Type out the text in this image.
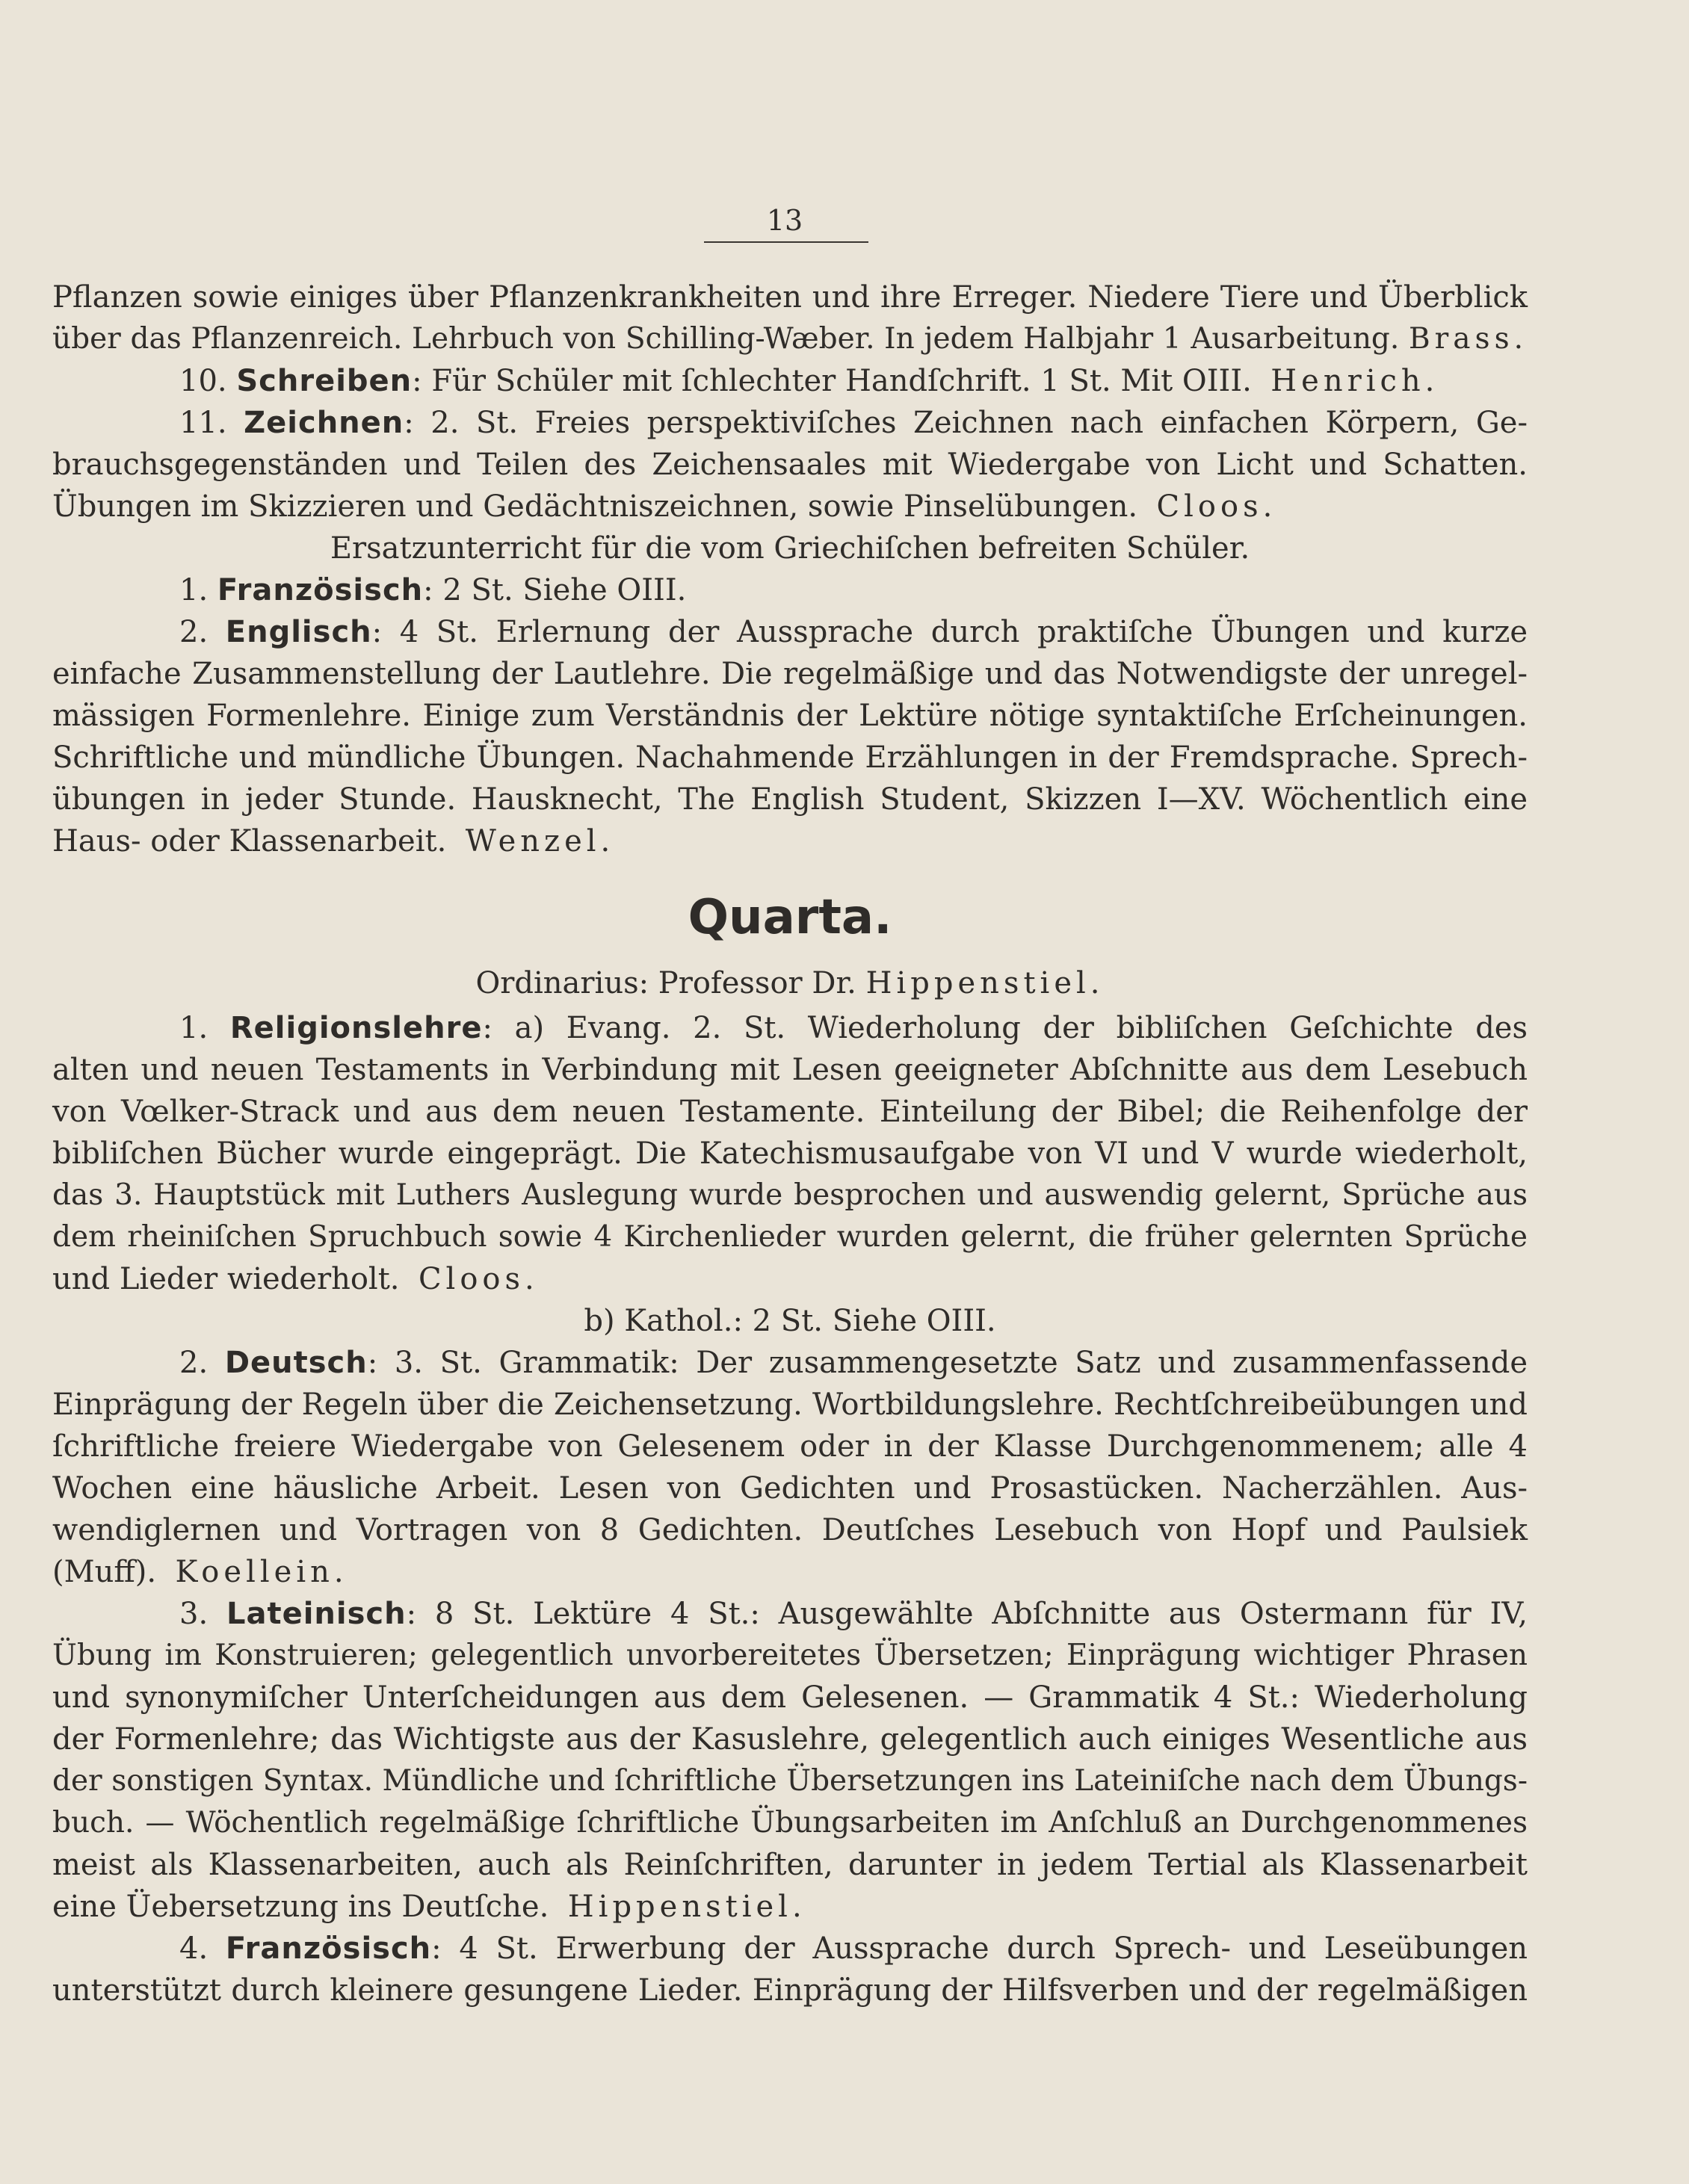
13
Pflanzen sowie einiges über Pflanzenkrankheiten und ihre Erreger. Niedere Tiere und Überblick
über das Pflanzenreich. Lehrbuch von Schilling-Wæber. In jedem Halbjahr 1 Ausarbeitung. Brass.
10. Schreiben: Für Schüler mit ſchlechter Handſchrift. 1 St. Mit OIII. Henrich.
11. Zeichnen: 2. St. Freies perspektiviſches Zeichnen nach einfachen Körpern, Ge-
brauchsgegenständen und Teilen des Zeichensaales mit Wiedergabe von Licht und Schatten.
Übungen im Skizzieren und Gedächtniszeichnen, sowie Pinselübungen. Cloos.
Ersatzunterricht für die vom Griechiſchen befreiten Schüler.
1. Französisch: 2 St. Siehe OIII.
2. Englisch: 4 St. Erlernung der Aussprache durch praktiſche Übungen und kurze
einfache Zusammenstellung der Lautlehre. Die regelmäßige und das Notwendigste der unregel-
mässigen Formenlehre. Einige zum Verständnis der Lektüre nötige syntaktiſche Erſcheinungen.
Schriftliche und mündliche Übungen. Nachahmende Erzählungen in der Fremdsprache. Sprech-
übungen in jeder Stunde. Hausknecht, The English Student, Skizzen I—XV. Wöchentlich eine
Haus- oder Klassenarbeit. Wenzel.
Quarta.
Ordinarius: Professor Dr. Hippenstiel.
1. Religionslehre: a) Evang. 2. St. Wiederholung der bibliſchen Geſchichte des
alten und neuen Testaments in Verbindung mit Lesen geeigneter Abſchnitte aus dem Lesebuch
von Vœlker-Strack und aus dem neuen Testamente. Einteilung der Bibel; die Reihenfolge der
bibliſchen Bücher wurde eingeprägt. Die Katechismusaufgabe von VI und V wurde wiederholt,
das 3. Hauptstück mit Luthers Auslegung wurde besprochen und auswendig gelernt, Sprüche aus
dem rheiniſchen Spruchbuch sowie 4 Kirchenlieder wurden gelernt, die früher gelernten Sprüche
und Lieder wiederholt. Cloos.
b) Kathol.: 2 St. Siehe OIII.
2. Deutsch: 3. St. Grammatik: Der zusammengesetzte Satz und zusammenfassende
Einprägung der Regeln über die Zeichensetzung. Wortbildungslehre. Rechtſchreibeübungen und
ſchriftliche freiere Wiedergabe von Gelesenem oder in der Klasse Durchgenommenem; alle 4
Wochen eine häusliche Arbeit. Lesen von Gedichten und Prosastücken. Nacherzählen. Aus-
wendiglernen und Vortragen von 8 Gedichten. Deutſches Lesebuch von Hopf und Paulsiek
(Muff). Koellein.
3. Lateinisch: 8 St. Lektüre 4 St.: Ausgewählte Abſchnitte aus Ostermann für IV,
Übung im Konstruieren; gelegentlich unvorbereitetes Übersetzen; Einprägung wichtiger Phrasen
und synonymiſcher Unterſcheidungen aus dem Gelesenen. — Grammatik 4 St.: Wiederholung
der Formenlehre; das Wichtigste aus der Kasuslehre, gelegentlich auch einiges Wesentliche aus
der sonstigen Syntax. Mündliche und ſchriftliche Übersetzungen ins Lateiniſche nach dem Übungs-
buch. — Wöchentlich regelmäßige ſchriftliche Übungsarbeiten im Anſchluß an Durchgenommenes
meist als Klassenarbeiten, auch als Reinſchriften, darunter in jedem Tertial als Klassenarbeit
eine Üebersetzung ins Deutſche. Hippenstiel.
4. Französisch: 4 St. Erwerbung der Aussprache durch Sprech- und Leseübungen
unterstützt durch kleinere gesungene Lieder. Einprägung der Hilfsverben und der regelmäßigen
